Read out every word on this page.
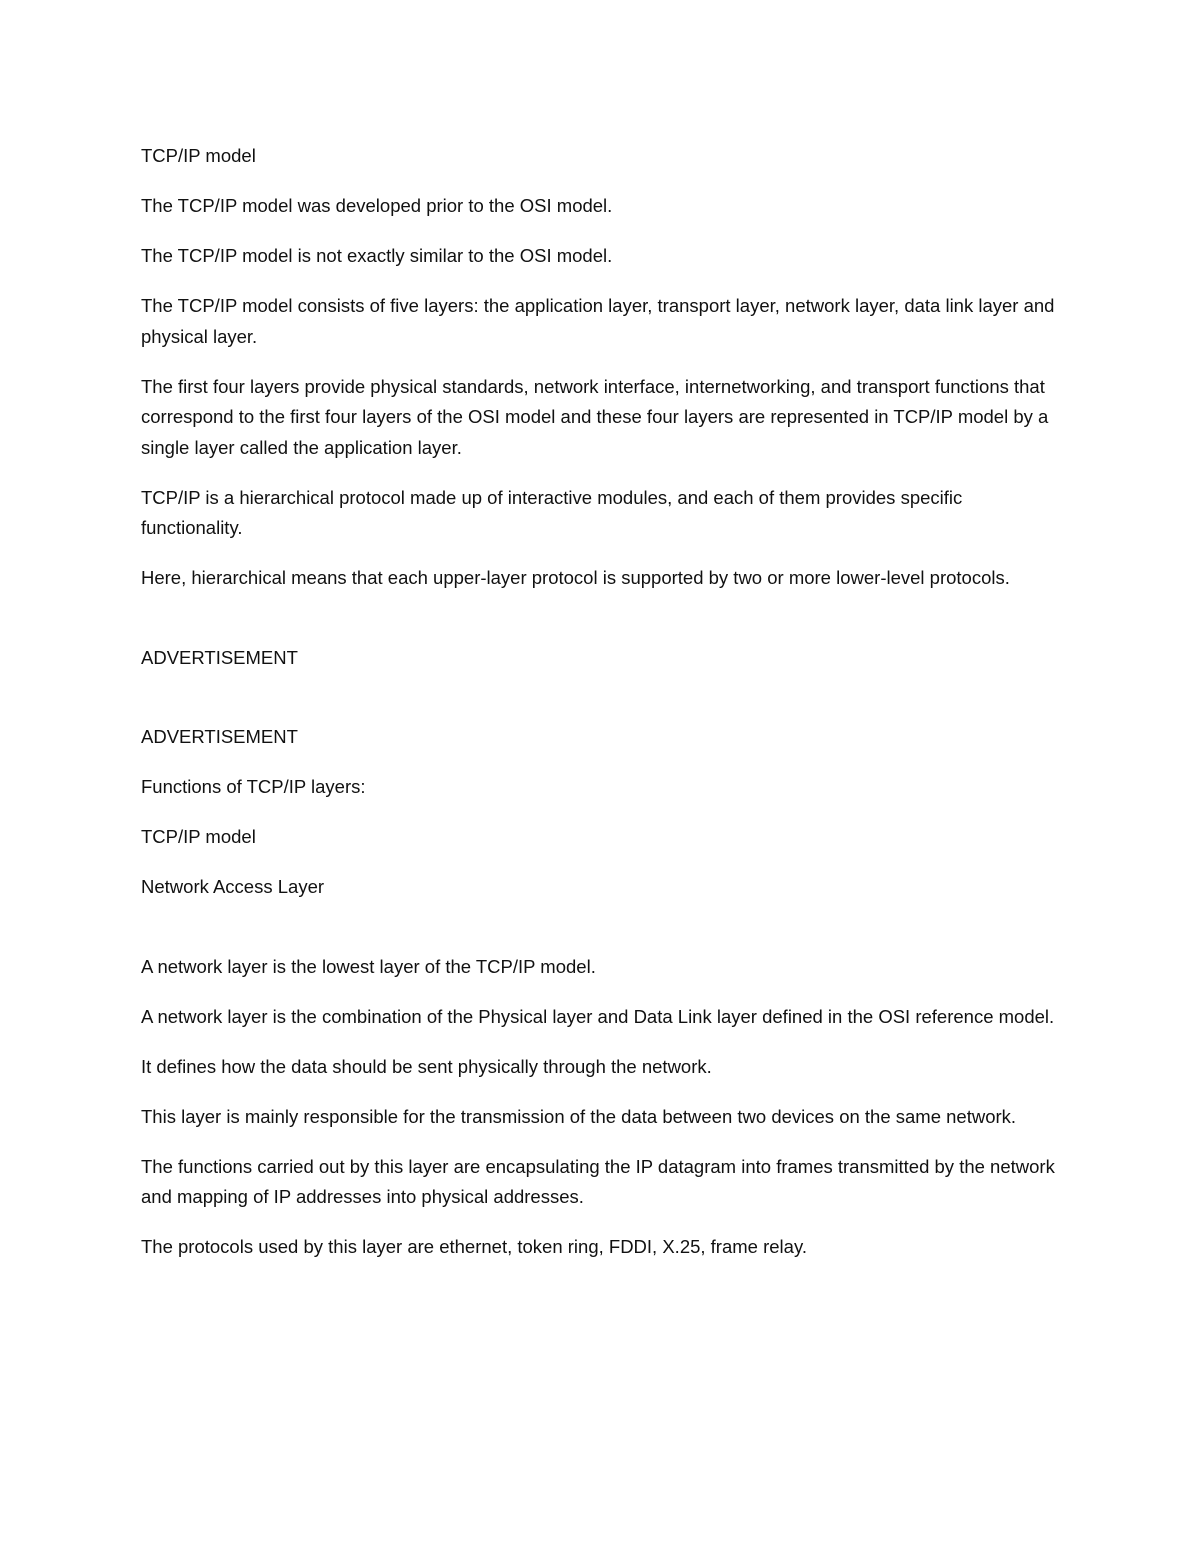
TCP/IP model

The TCP/IP model was developed prior to the OSI model.

The TCP/IP model is not exactly similar to the OSI model.

The TCP/IP model consists of five layers: the application layer, transport layer, network layer, data link layer and physical layer.

The first four layers provide physical standards, network interface, internetworking, and transport functions that correspond to the first four layers of the OSI model and these four layers are represented in TCP/IP model by a single layer called the application layer.

TCP/IP is a hierarchical protocol made up of interactive modules, and each of them provides specific functionality.

Here, hierarchical means that each upper-layer protocol is supported by two or more lower-level protocols.

ADVERTISEMENT

ADVERTISEMENT

Functions of TCP/IP layers:

TCP/IP model

Network Access Layer

A network layer is the lowest layer of the TCP/IP model.

A network layer is the combination of the Physical layer and Data Link layer defined in the OSI reference model.

It defines how the data should be sent physically through the network.

This layer is mainly responsible for the transmission of the data between two devices on the same network.

The functions carried out by this layer are encapsulating the IP datagram into frames transmitted by the network and mapping of IP addresses into physical addresses.

The protocols used by this layer are ethernet, token ring, FDDI, X.25, frame relay.
